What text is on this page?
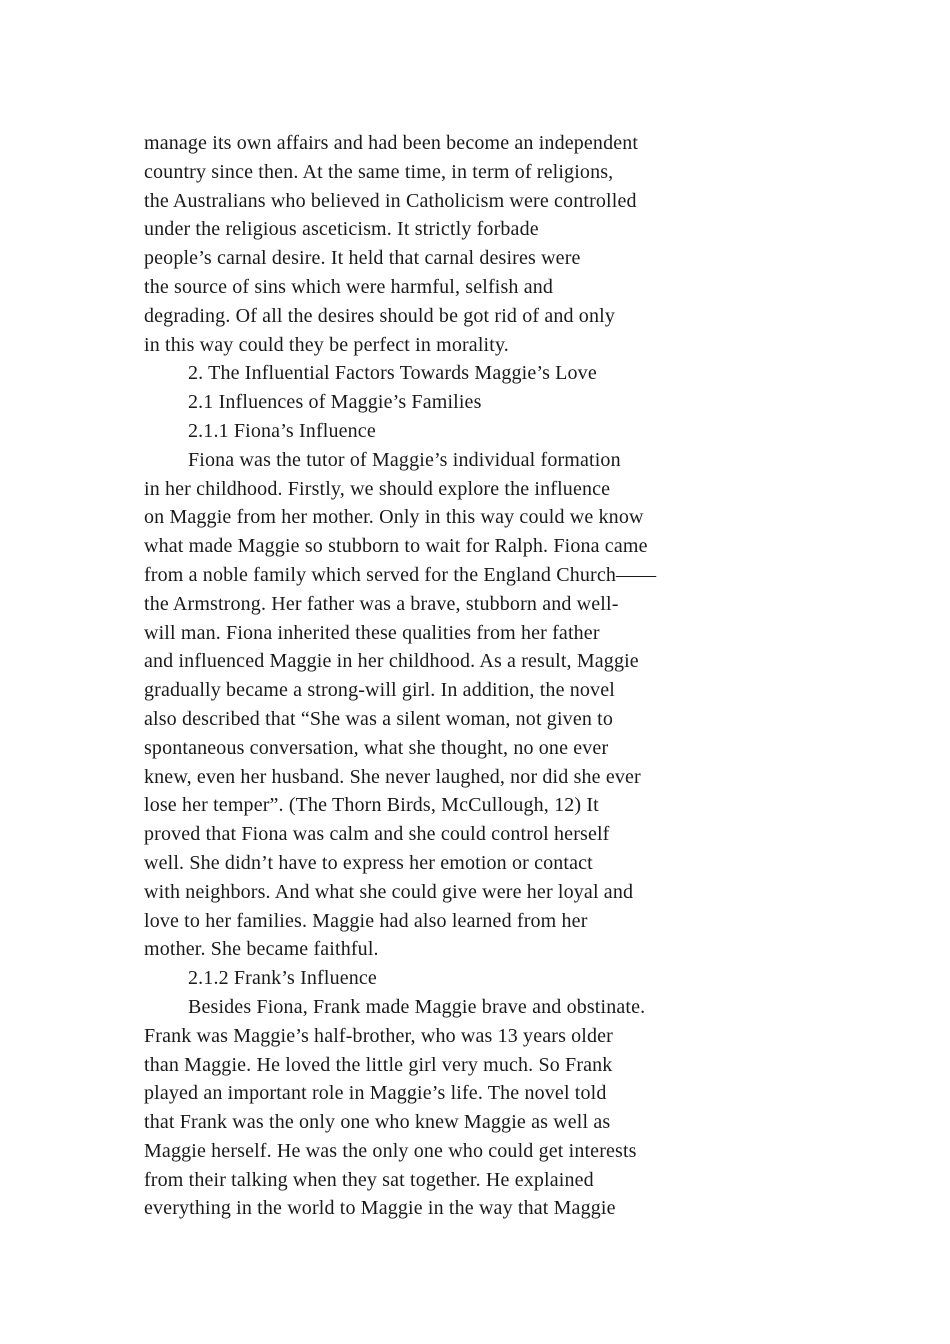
manage its own affairs and had been become an independent
country since then. At the same time, in term of religions,
the Australians who believed in Catholicism were controlled
under the religious asceticism. It strictly forbade
people’s carnal desire. It held that carnal desires were
the source of sins which were harmful, selfish and
degrading. Of all the desires should be got rid of and only
in this way could they be perfect in morality.
2. The Influential Factors Towards Maggie’s Love
2.1 Influences of Maggie’s Families
2.1.1 Fiona’s Influence
Fiona was the tutor of Maggie’s individual formation
in her childhood. Firstly, we should explore the influence
on Maggie from her mother. Only in this way could we know
what made Maggie so stubborn to wait for Ralph. Fiona came
from a noble family which served for the England Church——
the Armstrong. Her father was a brave, stubborn and well-
will man. Fiona inherited these qualities from her father
and influenced Maggie in her childhood. As a result, Maggie
gradually became a strong-will girl. In addition, the novel
also described that “She was a silent woman, not given to
spontaneous conversation, what she thought, no one ever
knew, even her husband. She never laughed, nor did she ever
lose her temper”. (The Thorn Birds, McCullough, 12) It
proved that Fiona was calm and she could control herself
well. She didn’t have to express her emotion or contact
with neighbors. And what she could give were her loyal and
love to her families. Maggie had also learned from her
mother. She became faithful.
2.1.2 Frank’s Influence
Besides Fiona, Frank made Maggie brave and obstinate.
Frank was Maggie’s half-brother, who was 13 years older
than Maggie. He loved the little girl very much. So Frank
played an important role in Maggie’s life. The novel told
that Frank was the only one who knew Maggie as well as
Maggie herself. He was the only one who could get interests
from their talking when they sat together. He explained
everything in the world to Maggie in the way that Maggie
